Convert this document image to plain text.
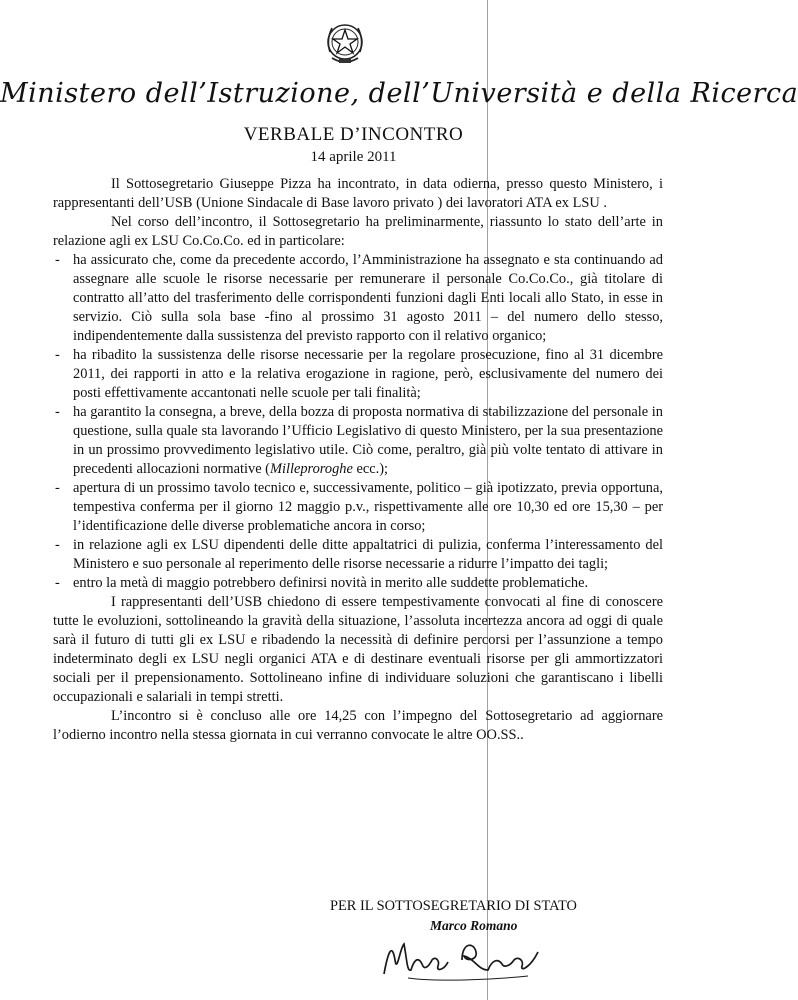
Ministero dell’Istruzione, dell’Università e della Ricerca
VERBALE D’INCONTRO
14 aprile 2011

Il Sottosegretario Giuseppe Pizza ha incontrato, in data odierna, presso questo Ministero, i rappresentanti dell’USB (Unione Sindacale di Base lavoro privato ) dei lavoratori ATA ex LSU .

Nel corso dell’incontro, il Sottosegretario ha preliminarmente, riassunto lo stato dell’arte in relazione agli ex LSU Co.Co.Co. ed in particolare:

- ha assicurato che, come da precedente accordo, l’Amministrazione ha assegnato e sta continuando ad assegnare alle scuole le risorse necessarie per remunerare il personale Co.Co.Co., già titolare di contratto all’atto del trasferimento delle corrispondenti funzioni dagli Enti locali allo Stato, in esse in servizio. Ciò sulla sola base -fino al prossimo 31 agosto 2011 – del numero dello stesso, indipendentemente dalla sussistenza del previsto rapporto con il relativo organico;
- ha ribadito la sussistenza delle risorse necessarie per la regolare prosecuzione, fino al 31 dicembre 2011, dei rapporti in atto e la relativa erogazione in ragione, però, esclusivamente del numero dei posti effettivamente accantonati nelle scuole per tali finalità;
- ha garantito la consegna, a breve, della bozza di proposta normativa di stabilizzazione del personale in questione, sulla quale sta lavorando l’Ufficio Legislativo di questo Ministero, per la sua presentazione in un prossimo provvedimento legislativo utile. Ciò come, peraltro, già più volte tentato di attivare in precedenti allocazioni normative (Milleproroghe ecc.);
- apertura di un prossimo tavolo tecnico e, successivamente, politico – già ipotizzato, previa opportuna, tempestiva conferma per il giorno 12 maggio p.v., rispettivamente alle ore 10,30 ed ore 15,30 – per l’identificazione delle diverse problematiche ancora in corso;
- in relazione agli ex LSU dipendenti delle ditte appaltatrici di pulizia, conferma l’interessamento del Ministero e suo personale al reperimento delle risorse necessarie a ridurre l’impatto dei tagli;
- entro la metà di maggio potrebbero definirsi novità in merito alle suddette problematiche.

I rappresentanti dell’USB chiedono di essere tempestivamente convocati al fine di conoscere tutte le evoluzioni, sottolineando la gravità della situazione, l’assoluta incertezza ancora ad oggi di quale sarà il futuro di tutti gli ex LSU e ribadendo la necessità di definire percorsi per l’assunzione a tempo indeterminato degli ex LSU negli organici ATA e di destinare eventuali risorse per gli ammortizzatori sociali per il prepensionamento. Sottolineano infine di individuare soluzioni che garantiscano i libelli occupazionali e salariali in tempi stretti.

L’incontro si è concluso alle ore 14,25 con l’impegno del Sottosegretario ad aggiornare l’odierno incontro nella stessa giornata in cui verranno convocate le altre OO.SS..

PER IL SOTTOSEGRETARIO DI STATO
Marco Romano
